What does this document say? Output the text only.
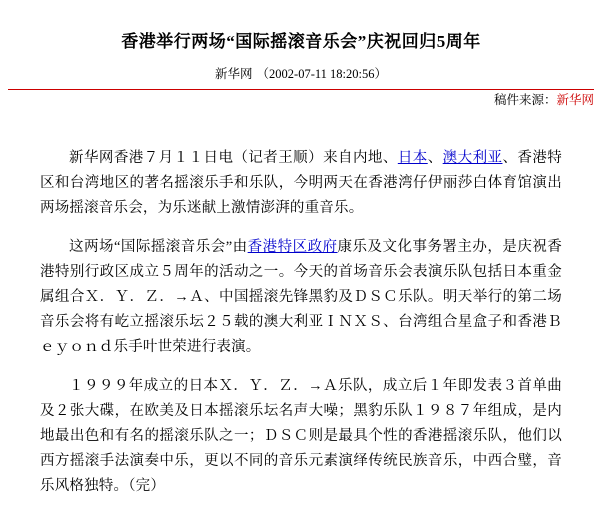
香港举行两场“国际摇滚音乐会”庆祝回归5周年
新华网 （2002-07-11 18:20:56）
稿件来源：新华网

新华网香港７月１１日电（记者王顺）来自内地、日本、澳大利亚、香港特区和台湾地区的著名摇滚乐手和乐队，今明两天在香港湾仔伊丽莎白体育馆演出两场摇滚音乐会，为乐迷献上激情澎湃的重音乐。

这两场“国际摇滚音乐会”由香港特区政府康乐及文化事务署主办，是庆祝香港特别行政区成立５周年的活动之一。今天的首场音乐会表演乐队包括日本重金属组合Ｘ．Ｙ．Ｚ．→Ａ、中国摇滚先锋黑豹及ＤＳＣ乐队。明天举行的第二场音乐会将有屹立摇滚乐坛２５载的澳大利亚ＩＮＸＳ、台湾组合星盒子和香港Ｂｅｙｏｎｄ乐手叶世荣进行表演。

１９９９年成立的日本Ｘ．Ｙ．Ｚ．→Ａ乐队，成立后１年即发表３首单曲及２张大碟，在欧美及日本摇滚乐坛名声大噪；黑豹乐队１９８７年组成，是内地最出色和有名的摇滚乐队之一；ＤＳＣ则是最具个性的香港摇滚乐队，他们以西方摇滚手法演奏中乐，更以不同的音乐元素演绎传统民族音乐，中西合璧，音乐风格独特。（完）
